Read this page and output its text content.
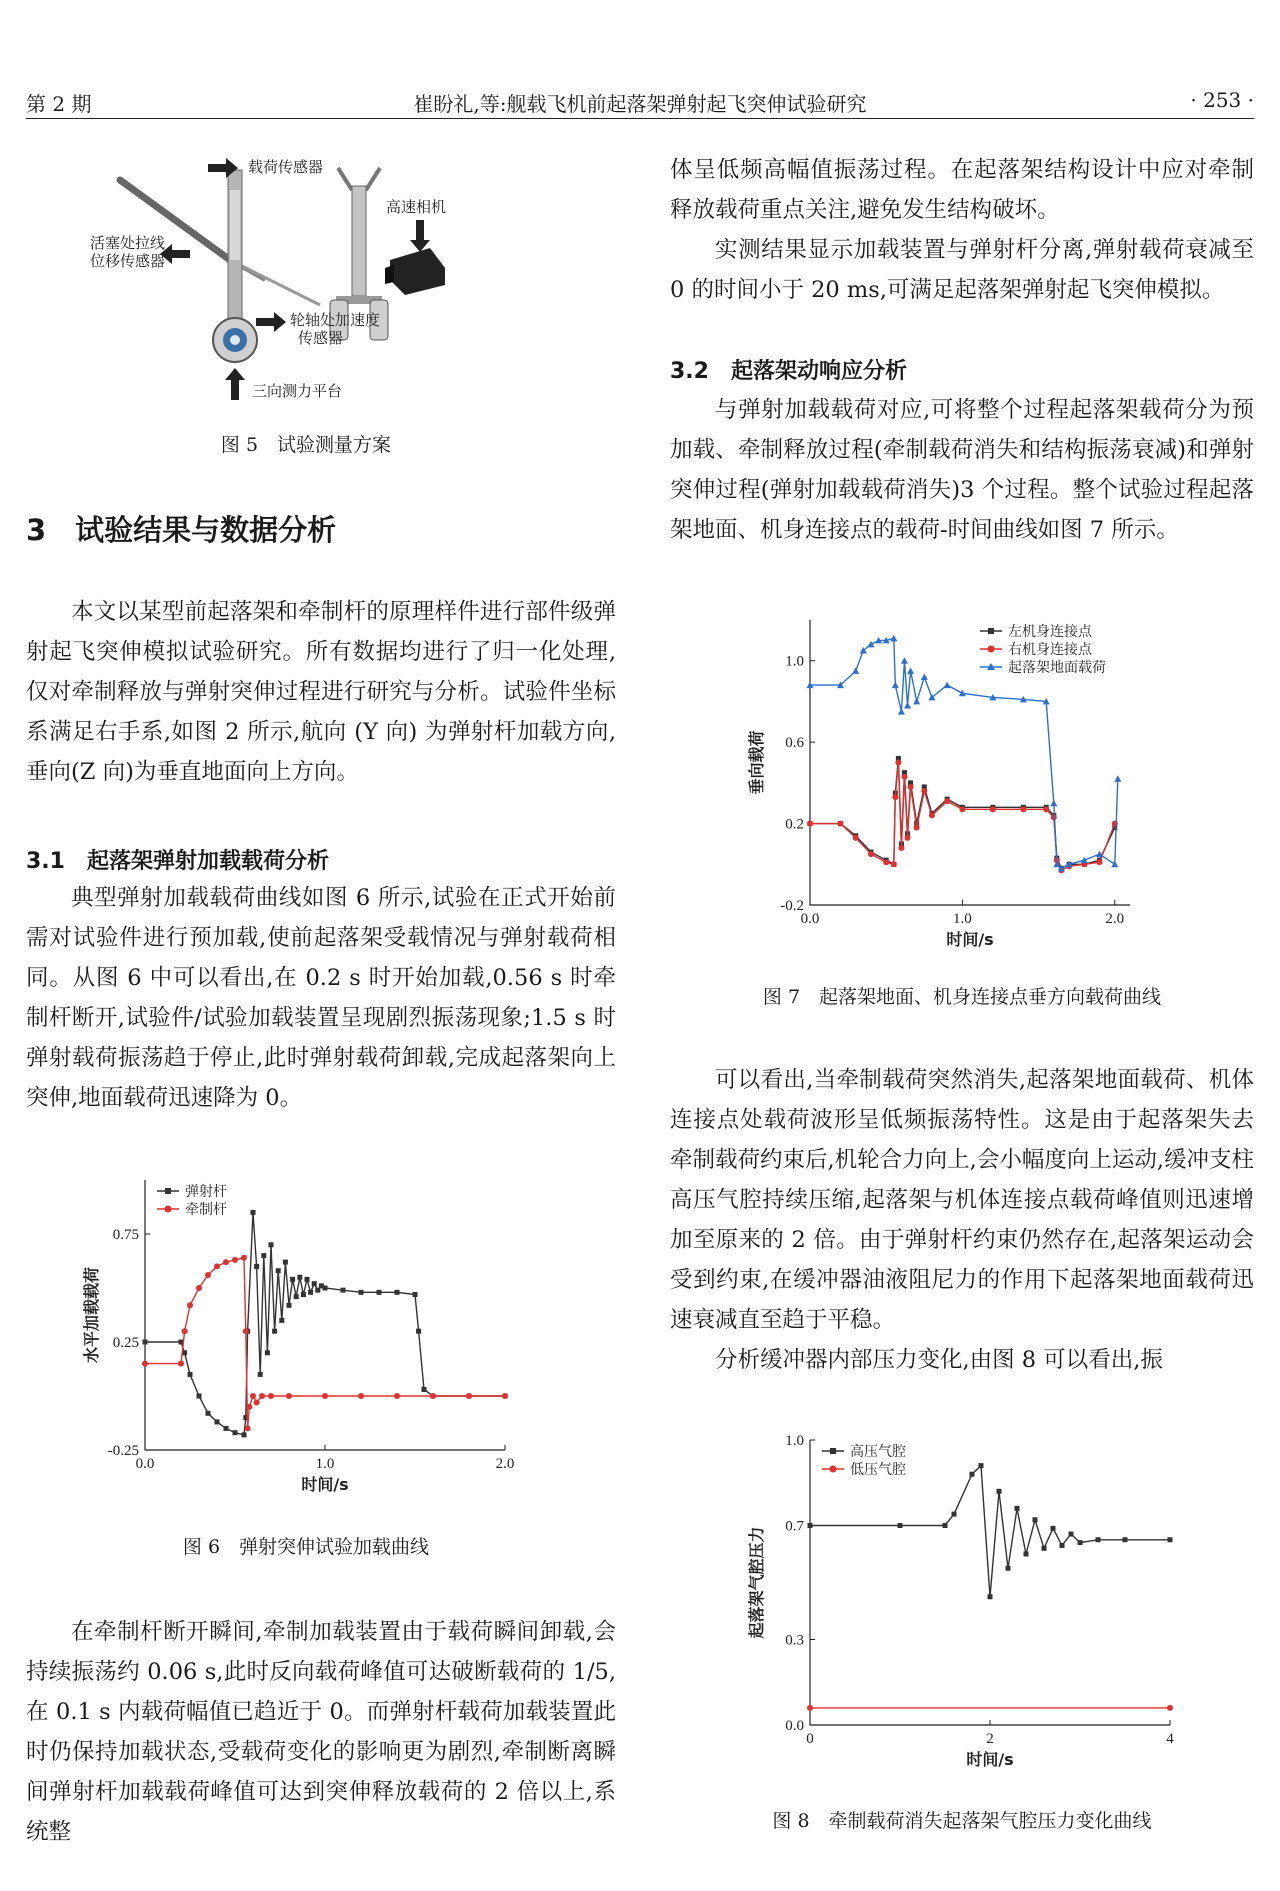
第 2 期	崔盼礼,等:舰载飞机前起落架弹射起飞突伸试验研究	· 253 ·
载荷传感器
高速相机
活塞处拉线
位移传感器
轮轴处加速度
传感器
三向测力平台
图 5　试验测量方案
3　试验结果与数据分析

本文以某型前起落架和牵制杆的原理样件进行部件级弹射起飞突伸模拟试验研究。所有数据均进行了归一化处理,仅对牵制释放与弹射突伸过程进行研究与分析。试验件坐标系满足右手系,如图 2 所示,航向 (Y 向) 为弹射杆加载方向,垂向(Z 向)为垂直地面向上方向。

3.1　起落架弹射加载载荷分析

典型弹射加载载荷曲线如图 6 所示,试验在正式开始前需对试验件进行预加载,使前起落架受载情况与弹射载荷相同。从图 6 中可以看出,在 0.2 s 时开始加载,0.56 s 时牵制杆断开,试验件/试验加载装置呈现剧烈振荡现象;1.5 s 时弹射载荷振荡趋于停止,此时弹射载荷卸载,完成起落架向上突伸,地面载荷迅速降为 0。

0.0	1.0	2.0
-0.25
0.25
0.75
时间/s
水平加载载荷
弹射杆
牵制杆
图 6　弹射突伸试验加载曲线

在牵制杆断开瞬间,牵制加载装置由于载荷瞬间卸载,会持续振荡约 0.06 s,此时反向载荷峰值可达破断载荷的 1/5,在 0.1 s 内载荷幅值已趋近于 0。而弹射杆载荷加载装置此时仍保持加载状态,受载荷变化的影响更为剧烈,牵制断离瞬间弹射杆加载载荷峰值可达到突伸释放载荷的 2 倍以上,系统整

体呈低频高幅值振荡过程。在起落架结构设计中应对牵制释放载荷重点关注,避免发生结构破坏。

实测结果显示加载装置与弹射杆分离,弹射载荷衰减至 0 的时间小于 20 ms,可满足起落架弹射起飞突伸模拟。

3.2　起落架动响应分析

与弹射加载载荷对应,可将整个过程起落架载荷分为预加载、牵制释放过程(牵制载荷消失和结构振荡衰减)和弹射突伸过程(弹射加载载荷消失)3 个过程。整个试验过程起落架地面、机身连接点的载荷-时间曲线如图 7 所示。

0.0	1.0	2.0
-0.2
0.2
0.6
1.0
时间/s
垂向载荷
左机身连接点
右机身连接点
起落架地面载荷
图 7　起落架地面、机身连接点垂方向载荷曲线

可以看出,当牵制载荷突然消失,起落架地面载荷、机体连接点处载荷波形呈低频振荡特性。这是由于起落架失去牵制载荷约束后,机轮合力向上,会小幅度向上运动,缓冲支柱高压气腔持续压缩,起落架与机体连接点载荷峰值则迅速增加至原来的 2 倍。由于弹射杆约束仍然存在,起落架运动会受到约束,在缓冲器油液阻尼力的作用下起落架地面载荷迅速衰减直至趋于平稳。

分析缓冲器内部压力变化,由图 8 可以看出,振

0	2	4
0.0
0.3
0.7
1.0
时间/s
起落架气腔压力
高压气腔
低压气腔
图 8　牵制载荷消失起落架气腔压力变化曲线
